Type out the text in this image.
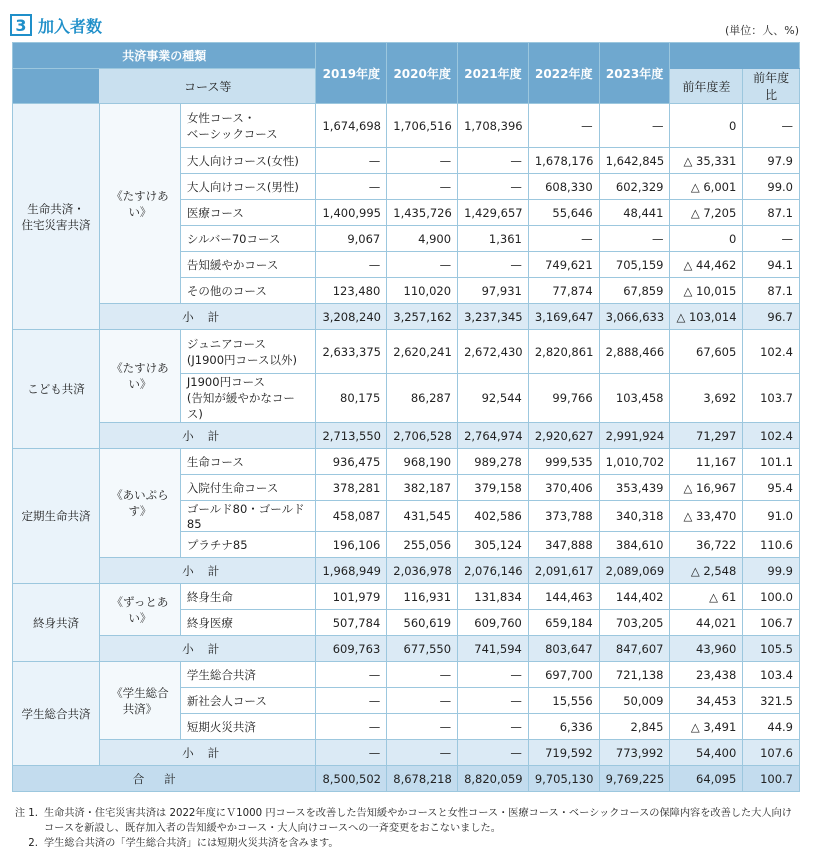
3 加入者数	(単位：人、%)
共済事業の種類			2019年度	2020年度	2021年度	2022年度	2023年度		
	コース等							前年度差	前年度比
生命共済・
住宅災害共済	《たすけあい》	女性コース・
ベーシックコース	1,674,698	1,706,516	1,708,396	—	—	0	—
		大人向けコース(女性)	—	—	—	1,678,176	1,642,845	△ 35,331	97.9
		大人向けコース(男性)	—	—	—	608,330	602,329	△ 6,001	99.0
		医療コース	1,400,995	1,435,726	1,429,657	55,646	48,441	△ 7,205	87.1
		シルバー70コース	9,067	4,900	1,361	—	—	0	—
		告知緩やかコース	—	—	—	749,621	705,159	△ 44,462	94.1
		その他のコース	123,480	110,020	97,931	77,874	67,859	△ 10,015	87.1
	小計		3,208,240	3,257,162	3,237,345	3,169,647	3,066,633	△ 103,014	96.7
こども共済	《たすけあい》	ジュニアコース
(J1900円コース以外)	2,633,375	2,620,241	2,672,430	2,820,861	2,888,466	67,605	102.4
		J1900円コース
(告知が緩やかなコース)	80,175	86,287	92,544	99,766	103,458	3,692	103.7
	小計		2,713,550	2,706,528	2,764,974	2,920,627	2,991,924	71,297	102.4
定期生命共済	《あいぷらす》	生命コース	936,475	968,190	989,278	999,535	1,010,702	11,167	101.1
		入院付生命コース	378,281	382,187	379,158	370,406	353,439	△ 16,967	95.4
		ゴールド80・ゴールド85	458,087	431,545	402,586	373,788	340,318	△ 33,470	91.0
		プラチナ85	196,106	255,056	305,124	347,888	384,610	36,722	110.6
	小計		1,968,949	2,036,978	2,076,146	2,091,617	2,089,069	△ 2,548	99.9
終身共済	《ずっとあい》	終身生命	101,979	116,931	131,834	144,463	144,402	△ 61	100.0
		終身医療	507,784	560,619	609,760	659,184	703,205	44,021	106.7
	小計		609,763	677,550	741,594	803,647	847,607	43,960	105.5
学生総合共済	《学生総合
共済》	学生総合共済	—	—	—	697,700	721,138	23,438	103.4
		新社会人コース	—	—	—	15,556	50,009	34,453	321.5
		短期火災共済	—	—	—	6,336	2,845	△ 3,491	44.9
	小計		—	—	—	719,592	773,992	54,400	107.6
合計			8,500,502	8,678,218	8,820,059	9,705,130	9,769,225	64,095	100.7
注 1. 生命共済・住宅災害共済は 2022年度にＶ1000 円コースを改善した告知緩やかコースと女性コース・医療コース・ベーシックコースの保障内容を改善した大人向けコースを新設し、既存加入者の告知緩やかコース・大人向けコースへの一斉変更をおこないました。
2. 学生総合共済の「学生総合共済」には短期火災共済を含みます。
